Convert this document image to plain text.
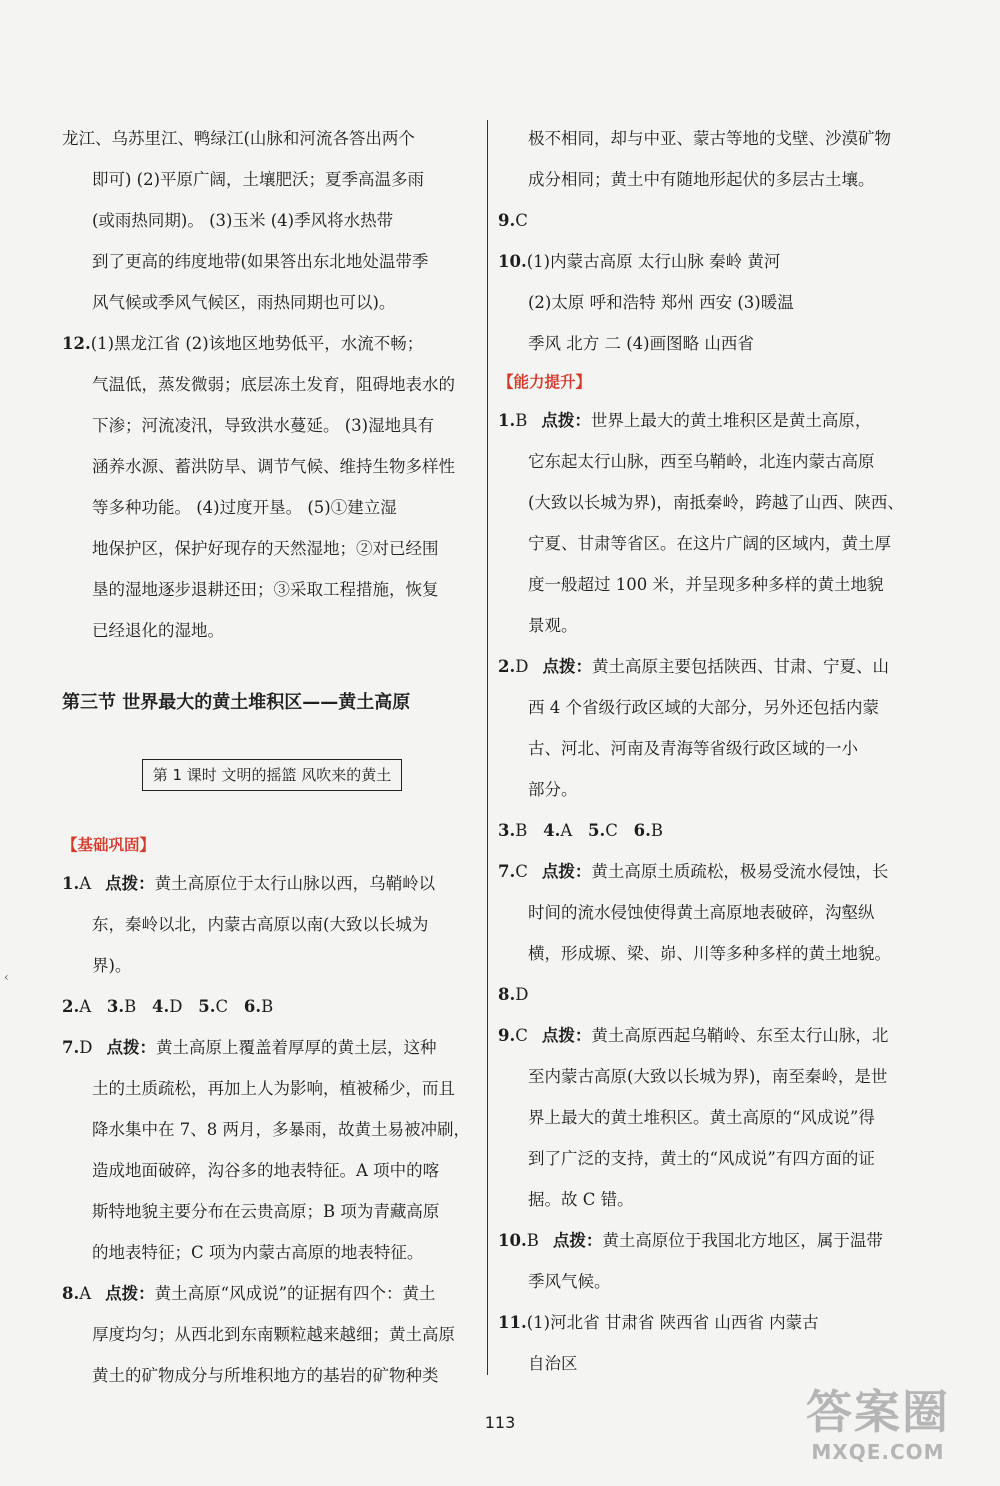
龙江、乌苏里江、鸭绿江(山脉和河流各答出两个
即可) (2)平原广阔，土壤肥沃；夏季高温多雨
(或雨热同期)。 (3)玉米 (4)季风将水热带
到了更高的纬度地带(如果答出东北地处温带季
风气候或季风气候区，雨热同期也可以)。
12.(1)黑龙江省 (2)该地区地势低平，水流不畅；
气温低，蒸发微弱；底层冻土发育，阻碍地表水的
下渗；河流凌汛，导致洪水蔓延。 (3)湿地具有
涵养水源、蓄洪防旱、调节气候、维持生物多样性
等多种功能。 (4)过度开垦。 (5)①建立湿
地保护区，保护好现存的天然湿地；②对已经围
垦的湿地逐步退耕还田；③采取工程措施，恢复
已经退化的湿地。
第三节 世界最大的黄土堆积区——黄土高原
第 1 课时 文明的摇篮 风吹来的黄土
【基础巩固】
1.A 点拨：黄土高原位于太行山脉以西，乌鞘岭以
东，秦岭以北，内蒙古高原以南(大致以长城为
界)。
2.A 3.B 4.D 5.C 6.B
7.D 点拨：黄土高原上覆盖着厚厚的黄土层，这种
土的土质疏松，再加上人为影响，植被稀少，而且
降水集中在 7、8 两月，多暴雨，故黄土易被冲刷，
造成地面破碎，沟谷多的地表特征。A 项中的喀
斯特地貌主要分布在云贵高原；B 项为青藏高原
的地表特征；C 项为内蒙古高原的地表特征。
8.A 点拨：黄土高原“风成说”的证据有四个：黄土
厚度均匀；从西北到东南颗粒越来越细；黄土高原
黄土的矿物成分与所堆积地方的基岩的矿物种类
极不相同，却与中亚、蒙古等地的戈壁、沙漠矿物
成分相同；黄土中有随地形起伏的多层古土壤。
9.C
10.(1)内蒙古高原 太行山脉 秦岭 黄河
(2)太原 呼和浩特 郑州 西安 (3)暖温
季风 北方 二 (4)画图略 山西省
【能力提升】
1.B 点拨：世界上最大的黄土堆积区是黄土高原，
它东起太行山脉，西至乌鞘岭，北连内蒙古高原
(大致以长城为界)，南抵秦岭，跨越了山西、陕西、
宁夏、甘肃等省区。在这片广阔的区域内，黄土厚
度一般超过 100 米，并呈现多种多样的黄土地貌
景观。
2.D 点拨：黄土高原主要包括陕西、甘肃、宁夏、山
西 4 个省级行政区域的大部分，另外还包括内蒙
古、河北、河南及青海等省级行政区域的一小
部分。
3.B 4.A 5.C 6.B
7.C 点拨：黄土高原土质疏松，极易受流水侵蚀，长
时间的流水侵蚀使得黄土高原地表破碎，沟壑纵
横，形成塬、梁、峁、川等多种多样的黄土地貌。
8.D
9.C 点拨：黄土高原西起乌鞘岭、东至太行山脉，北
至内蒙古高原(大致以长城为界)，南至秦岭，是世
界上最大的黄土堆积区。黄土高原的“风成说”得
到了广泛的支持，黄土的“风成说”有四方面的证
据。故 C 错。
10.B 点拨：黄土高原位于我国北方地区，属于温带
季风气候。
11.(1)河北省 甘肃省 陕西省 山西省 内蒙古
自治区
‹
113	答案圈
MXQE.COM
